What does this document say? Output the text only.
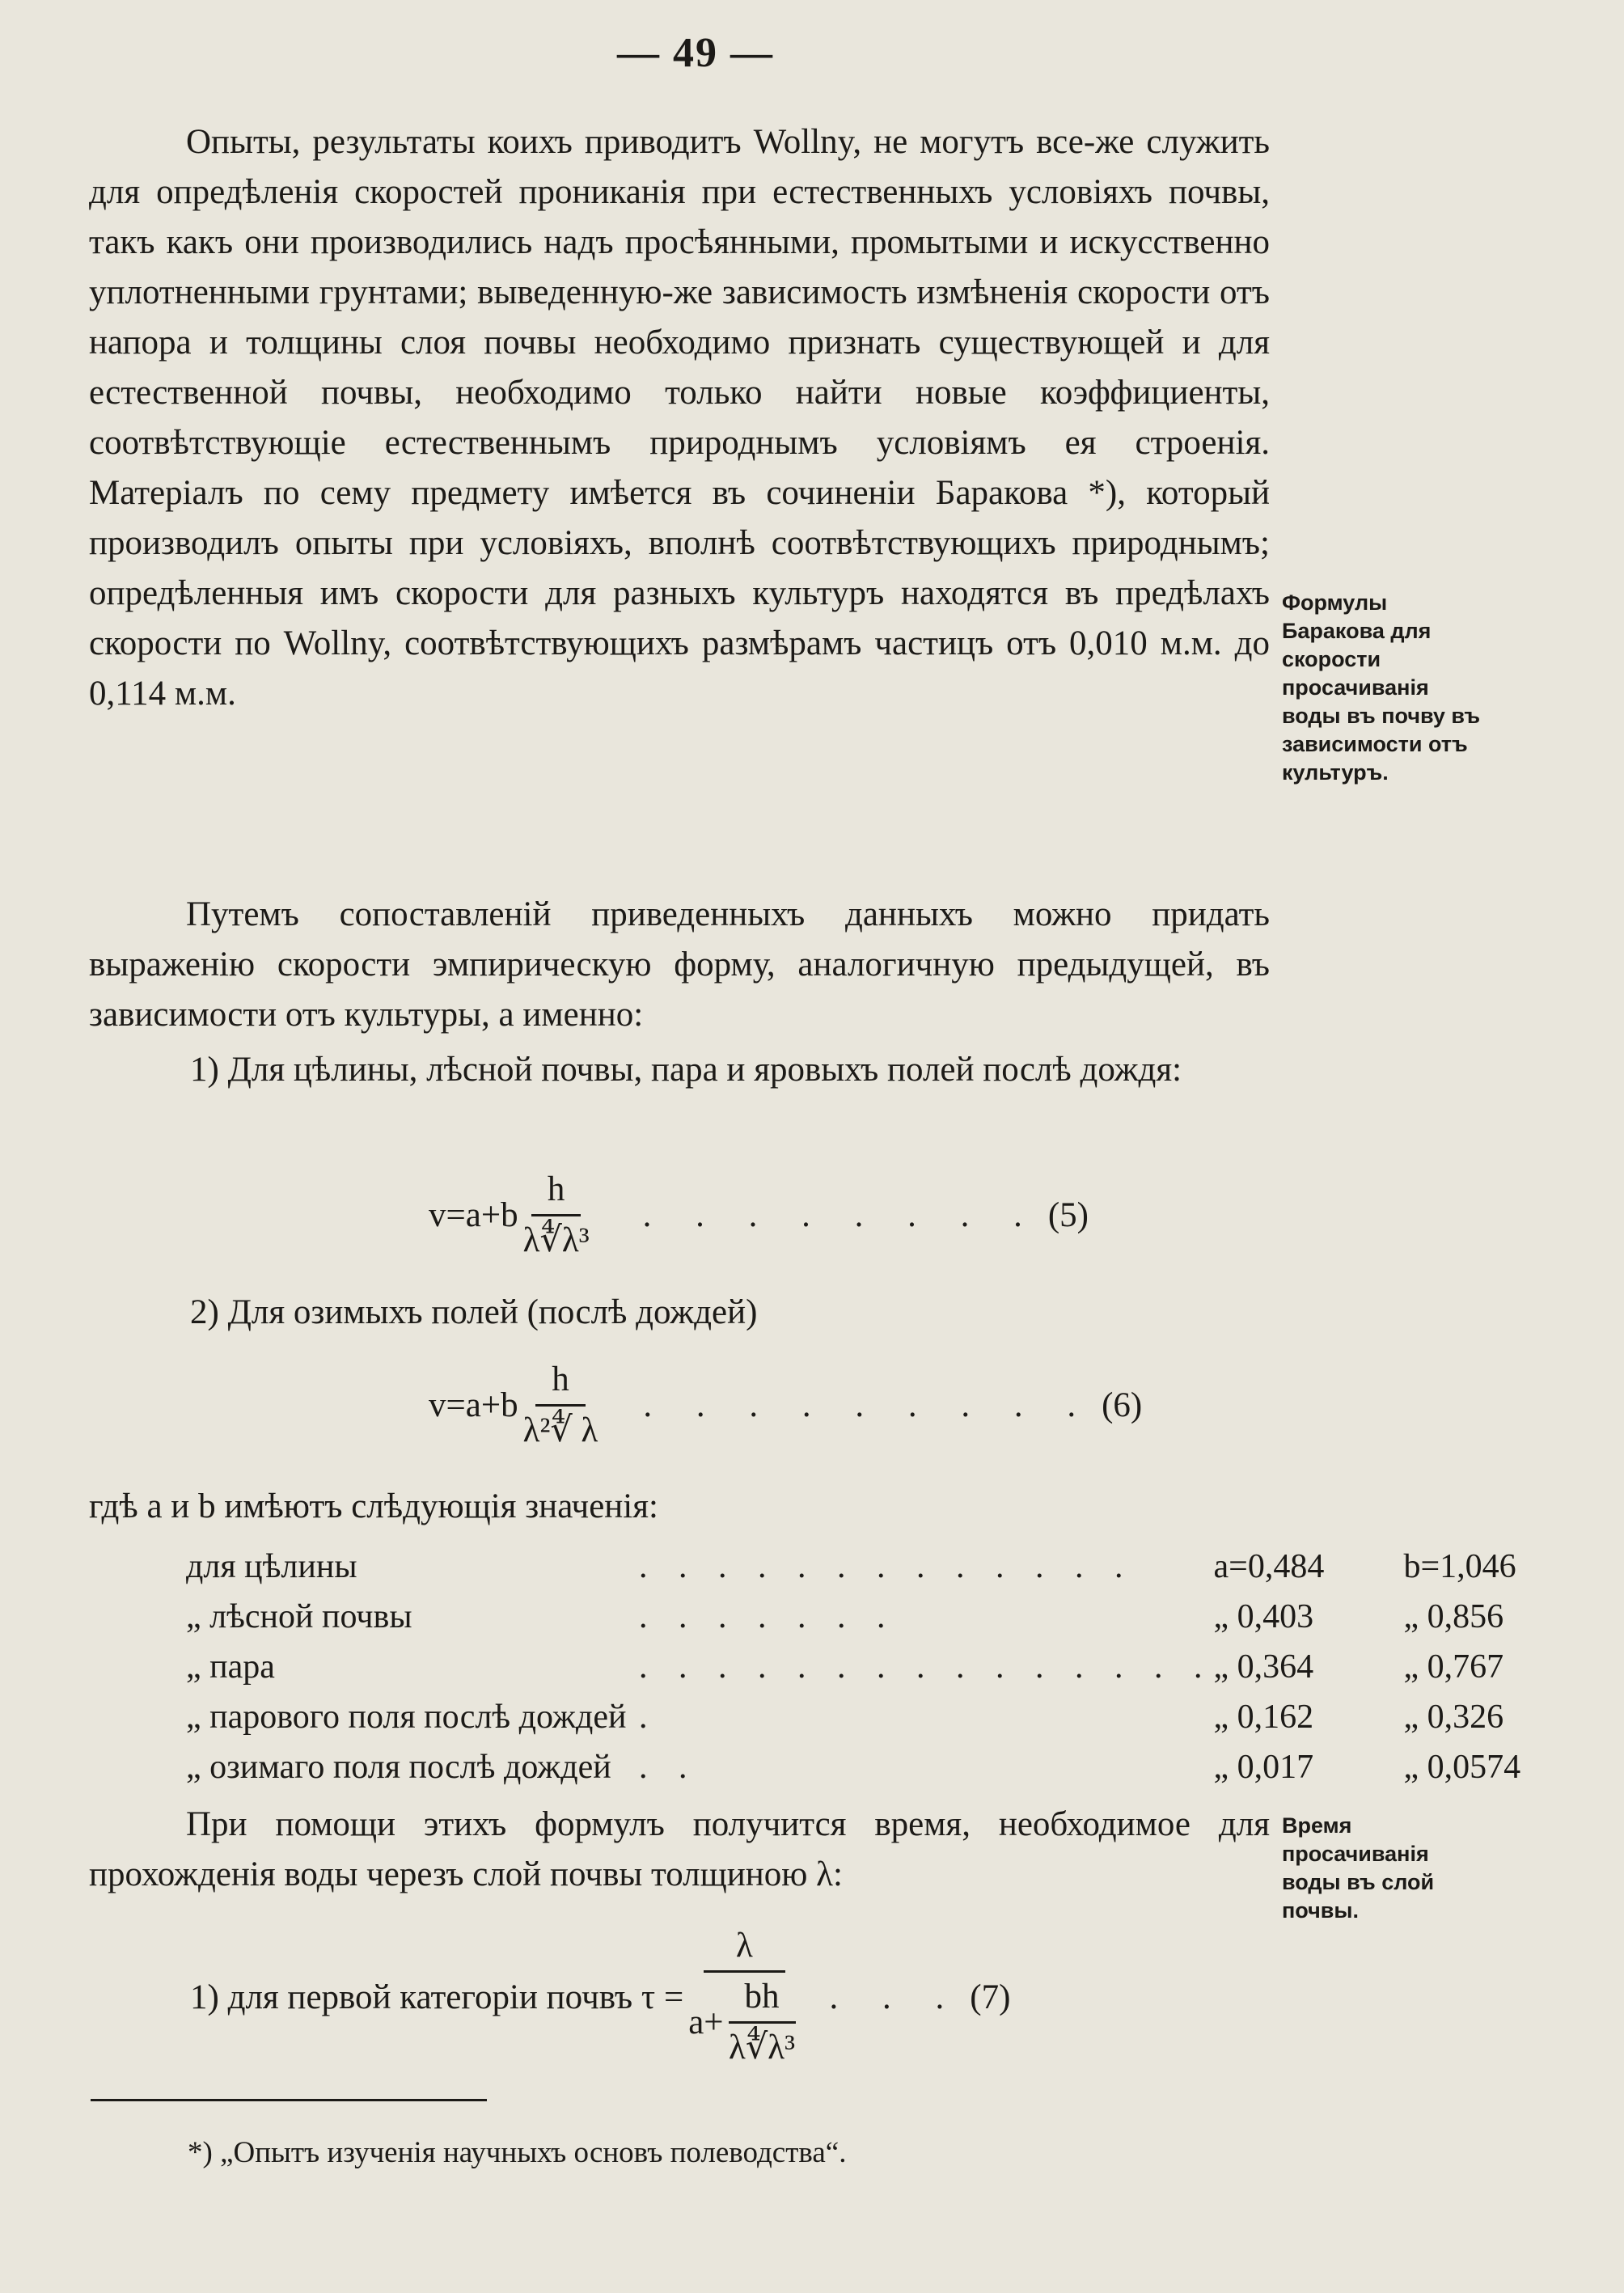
— 49 —

Опыты, результаты коихъ приводитъ Wollny, не могутъ все-же служить для опредѣленія скоростей прониканія при естественныхъ условіяхъ почвы, такъ какъ они производились надъ просѣянными, промытыми и искусственно уплотненными грунтами; выведенную-же зависимость измѣненія скорости отъ напора и толщины слоя почвы необходимо признать существующей и для естественной почвы, необходимо только найти новые коэффициенты, соотвѣтствующіе естественнымъ природнымъ условіямъ ея строенія. Матеріалъ по сему предмету имѣется въ сочиненіи Баракова *), который производилъ опыты при условіяхъ, вполнѣ соотвѣтствующихъ природнымъ; опредѣленныя имъ скорости для разныхъ культуръ находятся въ предѣлахъ скорости по Wollny, соотвѣтствующихъ размѣрамъ частицъ отъ 0,010 м.м. до 0,114 м.м.

Формулы Баракова для скорости просачиванія воды въ почву въ зависимости отъ культуръ.

Путемъ сопоставленій приведенныхъ данныхъ можно придать выраженію скорости эмпирическую форму, аналогичную предыдущей, въ зависимости отъ культуры, а именно:

1) Для цѣлины, лѣсной почвы, пара и яровыхъ полей послѣ дождя:
$v=a+b \frac{h}{\text{λ∜λ³}}$ . . . . . . . . (5)
2) Для озимыхъ полей (послѣ дождей)
$v=a+b \frac{h}{\text{λ²∜ λ}}$ . . . . . . . . . (6)
гдѣ a и b имѣютъ слѣдующія значенія:
для цѣлины	. . . . . . . . . . . . .	a=0,484	b=1,046
„ лѣсной почвы	. . . . . . .	„ 0,403	„ 0,856
„ пара	. . . . . . . . . . . . . . .	„ 0,364	„ 0,767
„ парового поля послѣ дождей	.	„ 0,162	„ 0,326
„ озимаго поля послѣ дождей	. .	„ 0,017	„ 0,0574

При помощи этихъ формулъ получится время, необходимое для прохожденія воды черезъ слой почвы толщиною λ:

Время просачиванія воды въ слой почвы.
1) для первой категоріи почвъ $\tau = \frac{\lambda}{a+ \frac{bh}{\text{λ∜λ³}}}$ . . . (7)
*) „Опытъ изученія научныхъ основъ полеводства“.
